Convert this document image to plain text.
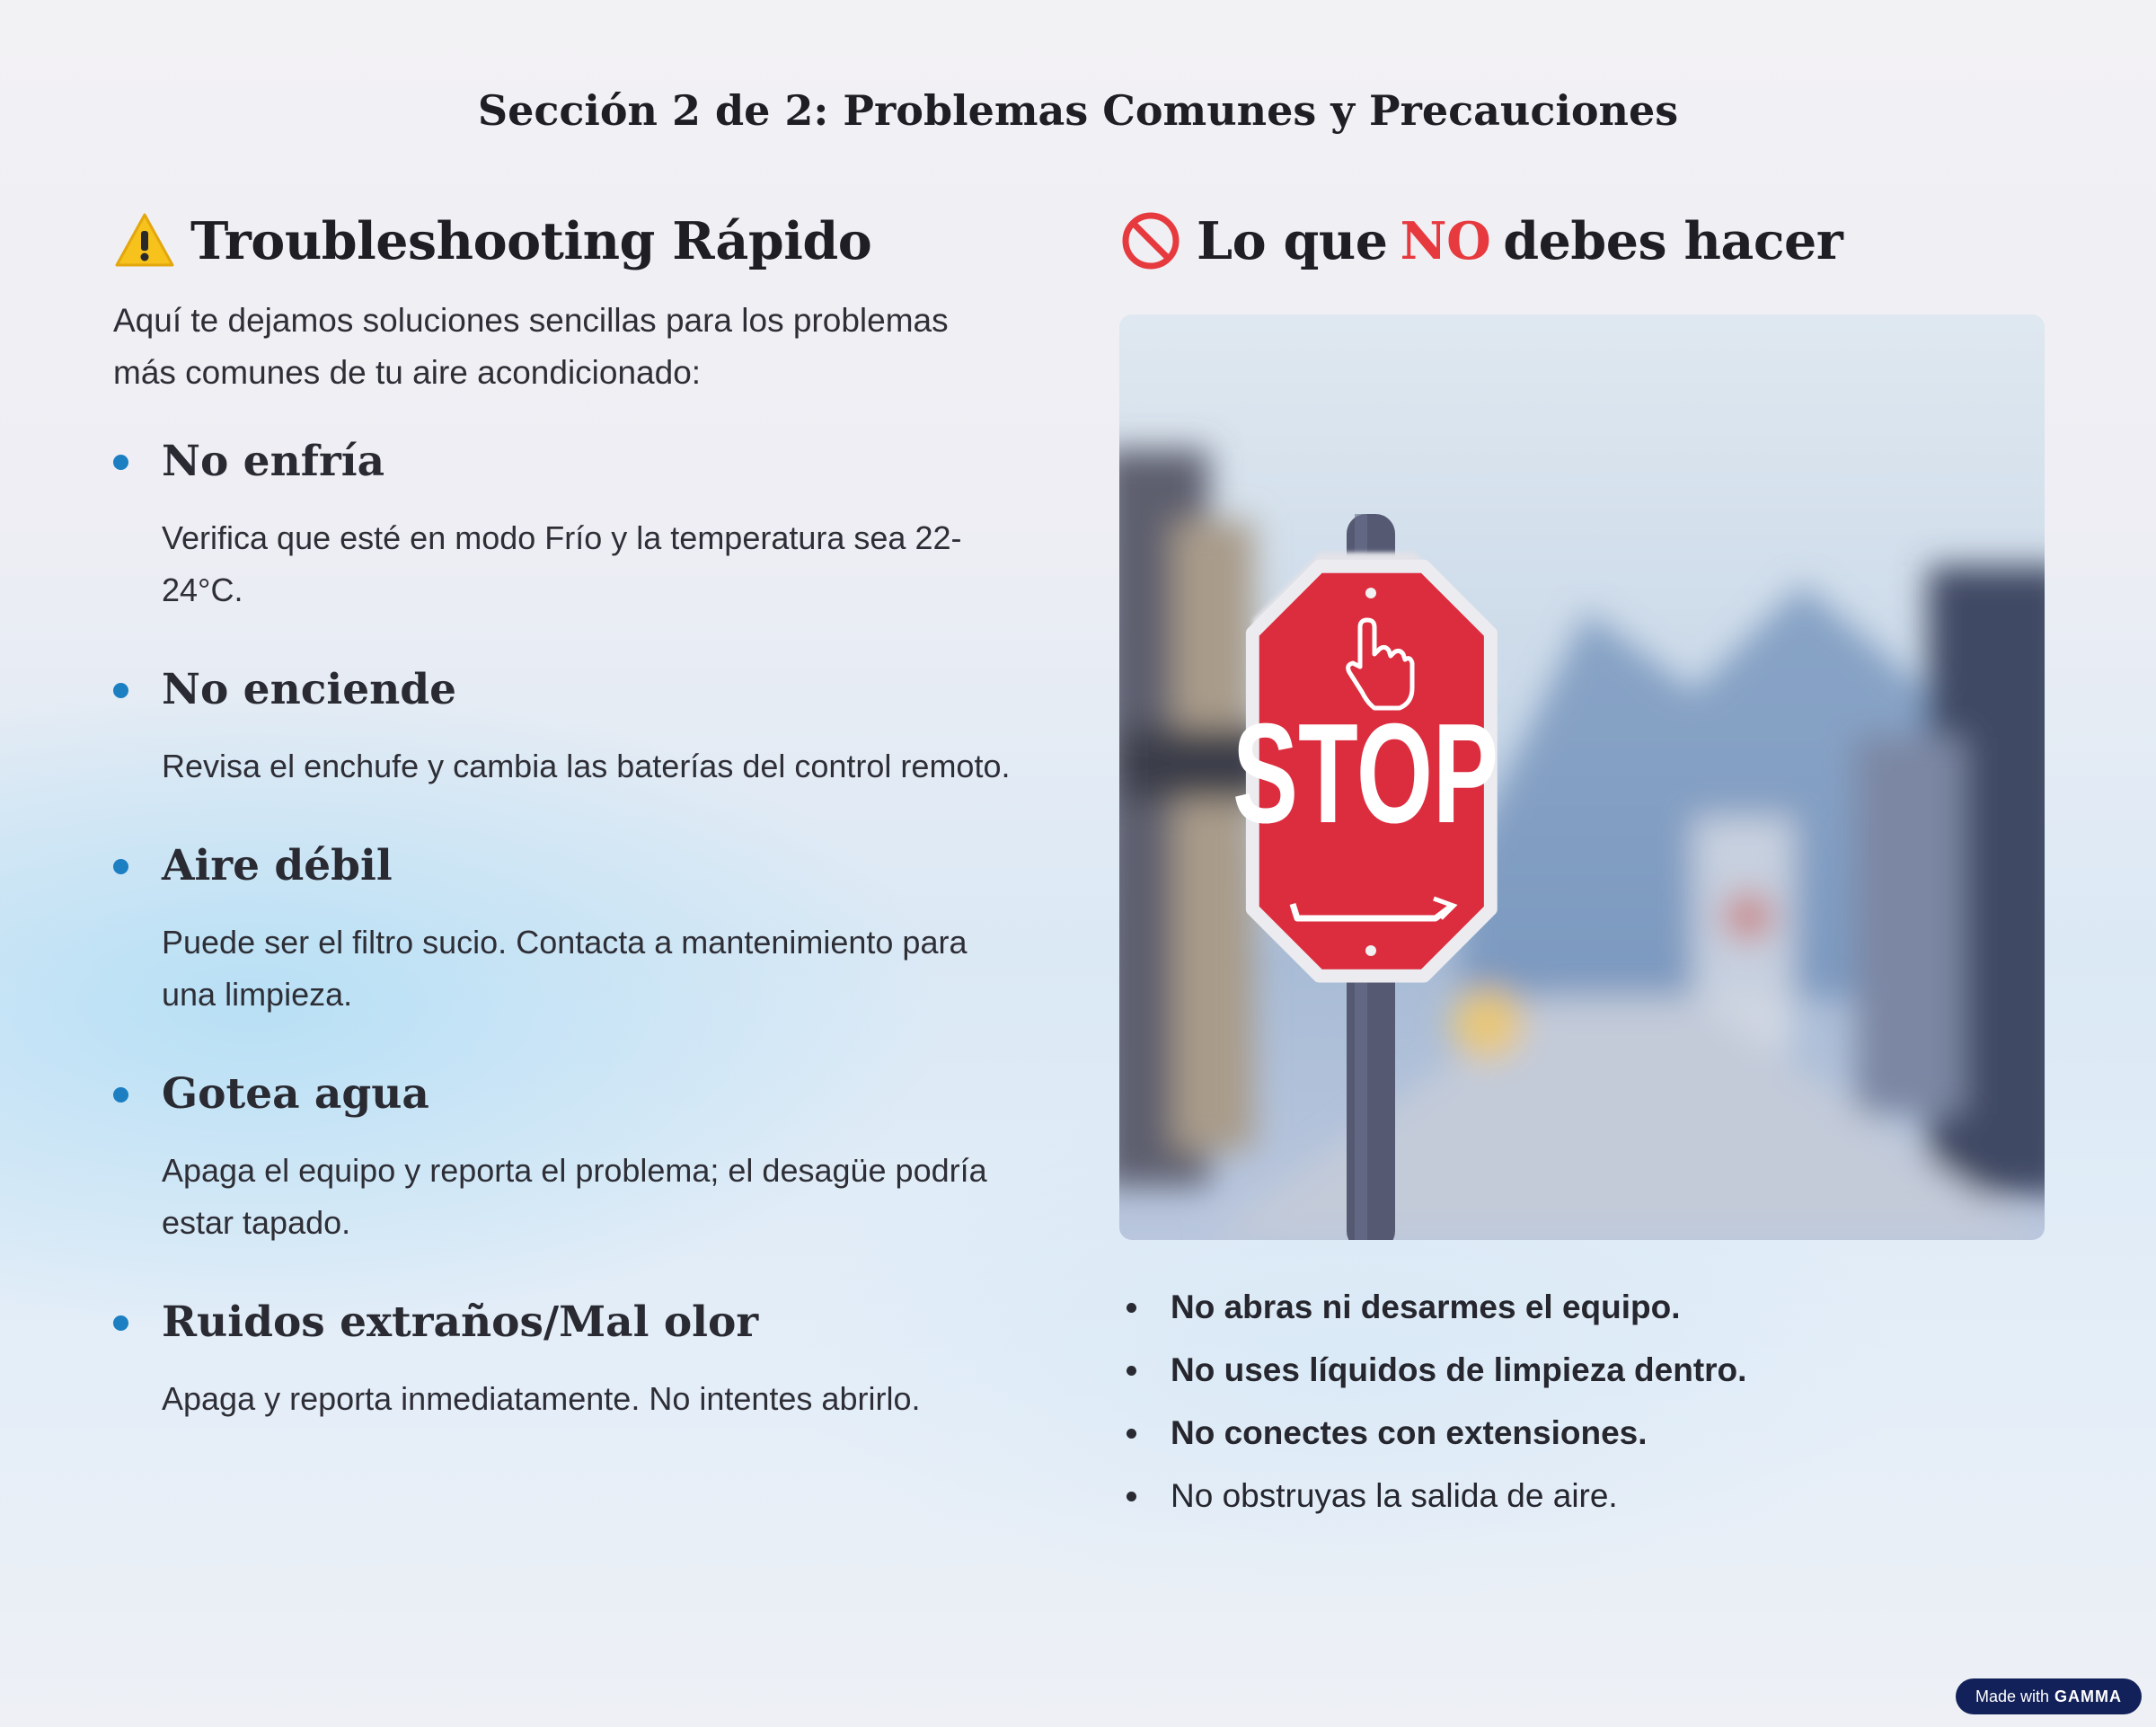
Sección 2 de 2: Problemas Comunes y Precauciones
Troubleshooting Rápido

Aquí te dejamos soluciones sencillas para los problemas más comunes de tu aire acondicionado:

No enfría
Verifica que esté en modo Frío y la temperatura sea 22-24°C.
No enciende
Revisa el enchufe y cambia las baterías del control remoto.
Aire débil
Puede ser el filtro sucio. Contacta a mantenimiento para una limpieza.
Gotea agua
Apaga el equipo y reporta el problema; el desagüe podría estar tapado.
Ruidos extraños/Mal olor
Apaga y reporta inmediatamente. No intentes abrirlo.
Lo que NO debes hacer
STOP
No abras ni desarmes el equipo.
No uses líquidos de limpieza dentro.
No conectes con extensiones.
No obstruyas la salida de aire.
Made with GAMMA
